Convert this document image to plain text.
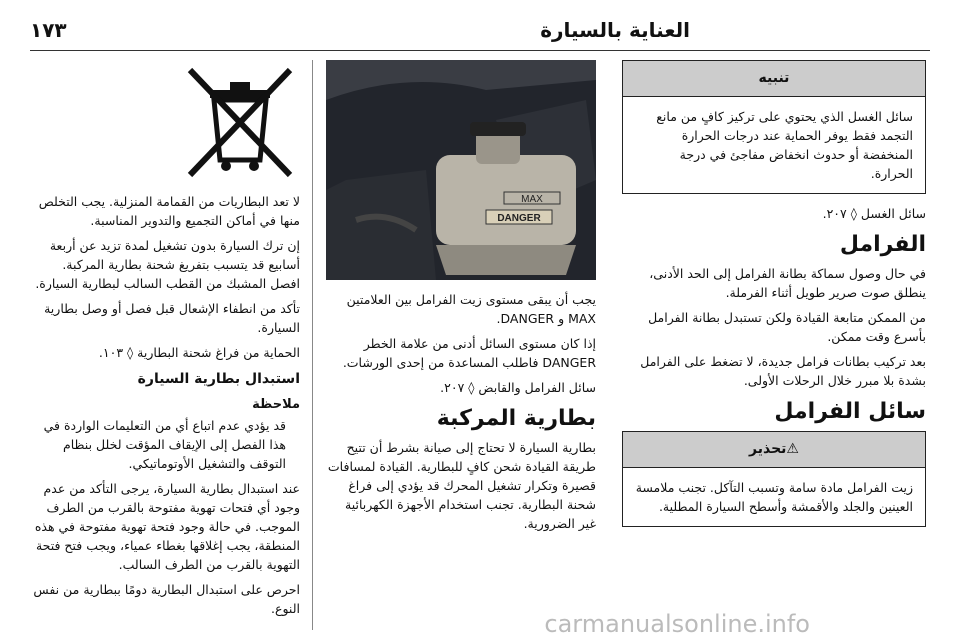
١٧٣	العناية بالسيارة
تنبيه
سائل الغسل الذي يحتوي على تركيز كافٍ من مانع التجمد فقط يوفر الحماية عند درجات الحرارة المنخفضة أو حدوث انخفاض مفاجئ في درجة الحرارة.

سائل الغسل ◊ ٢٠٧.

الفرامل

في حال وصول سماكة بطانة الفرامل إلى الحد الأدنى، ينطلق صوت صرير طويل أثناء الفرملة.

من الممكن متابعة القيادة ولكن تستبدل بطانة الفرامل بأسرع وقت ممكن.

بعد تركيب بطانات فرامل جديدة، لا تضغط على الفرامل بشدة بلا مبرر خلال الرحلات الأولى.

سائل الفرامل
⚠تحذير
زيت الفرامل مادة سامة وتسبب التآكل. تجنب ملامسة العينين والجلد والأقمشة وأسطح السيارة المطلية.
MAX
DANGER

يجب أن يبقى مستوى زيت الفرامل بين العلامتين MAX و DANGER.

إذا كان مستوى السائل أدنى من علامة الخطر DANGER فاطلب المساعدة من إحدى الورشات.

سائل الفرامل والقابض ◊ ٢٠٧.

بطارية المركبة

بطارية السيارة لا تحتاج إلى صيانة بشرط أن تتيح طريقة القيادة شحن كافٍ للبطارية. القيادة لمسافات قصيرة وتكرار تشغيل المحرك قد يؤدي إلى فراغ شحنة البطارية. تجنب استخدام الأجهزة الكهربائية غير الضرورية.

لا تعد البطاريات من القمامة المنزلية. يجب التخلص منها في أماكن التجميع والتدوير المناسبة.

إن ترك السيارة بدون تشغيل لمدة تزيد عن أربعة أسابيع قد يتسبب بتفريغ شحنة بطارية المركبة. افصل المشبك من القطب السالب لبطارية السيارة.

تأكد من انطفاء الإشعال قبل فصل أو وصل بطارية السيارة.

الحماية من فراغ شحنة البطارية ◊ ١٠٣.

استبدال بطارية السيارة
ملاحظة

قد يؤدي عدم اتباع أي من التعليمات الواردة في هذا الفصل إلى الإيقاف المؤقت لخلل بنظام التوقف والتشغيل الأوتوماتيكي.

عند استبدال بطارية السيارة، يرجى التأكد من عدم وجود أي فتحات تهوية مفتوحة بالقرب من الطرف الموجب. في حالة وجود فتحة تهوية مفتوحة في هذه المنطقة، يجب إغلاقها بغطاء عمياء، ويجب فتح فتحة التهوية بالقرب من الطرف السالب.

احرص على استبدال البطارية دومًا ببطارية من نفس النوع.

carmanualsonline.info
